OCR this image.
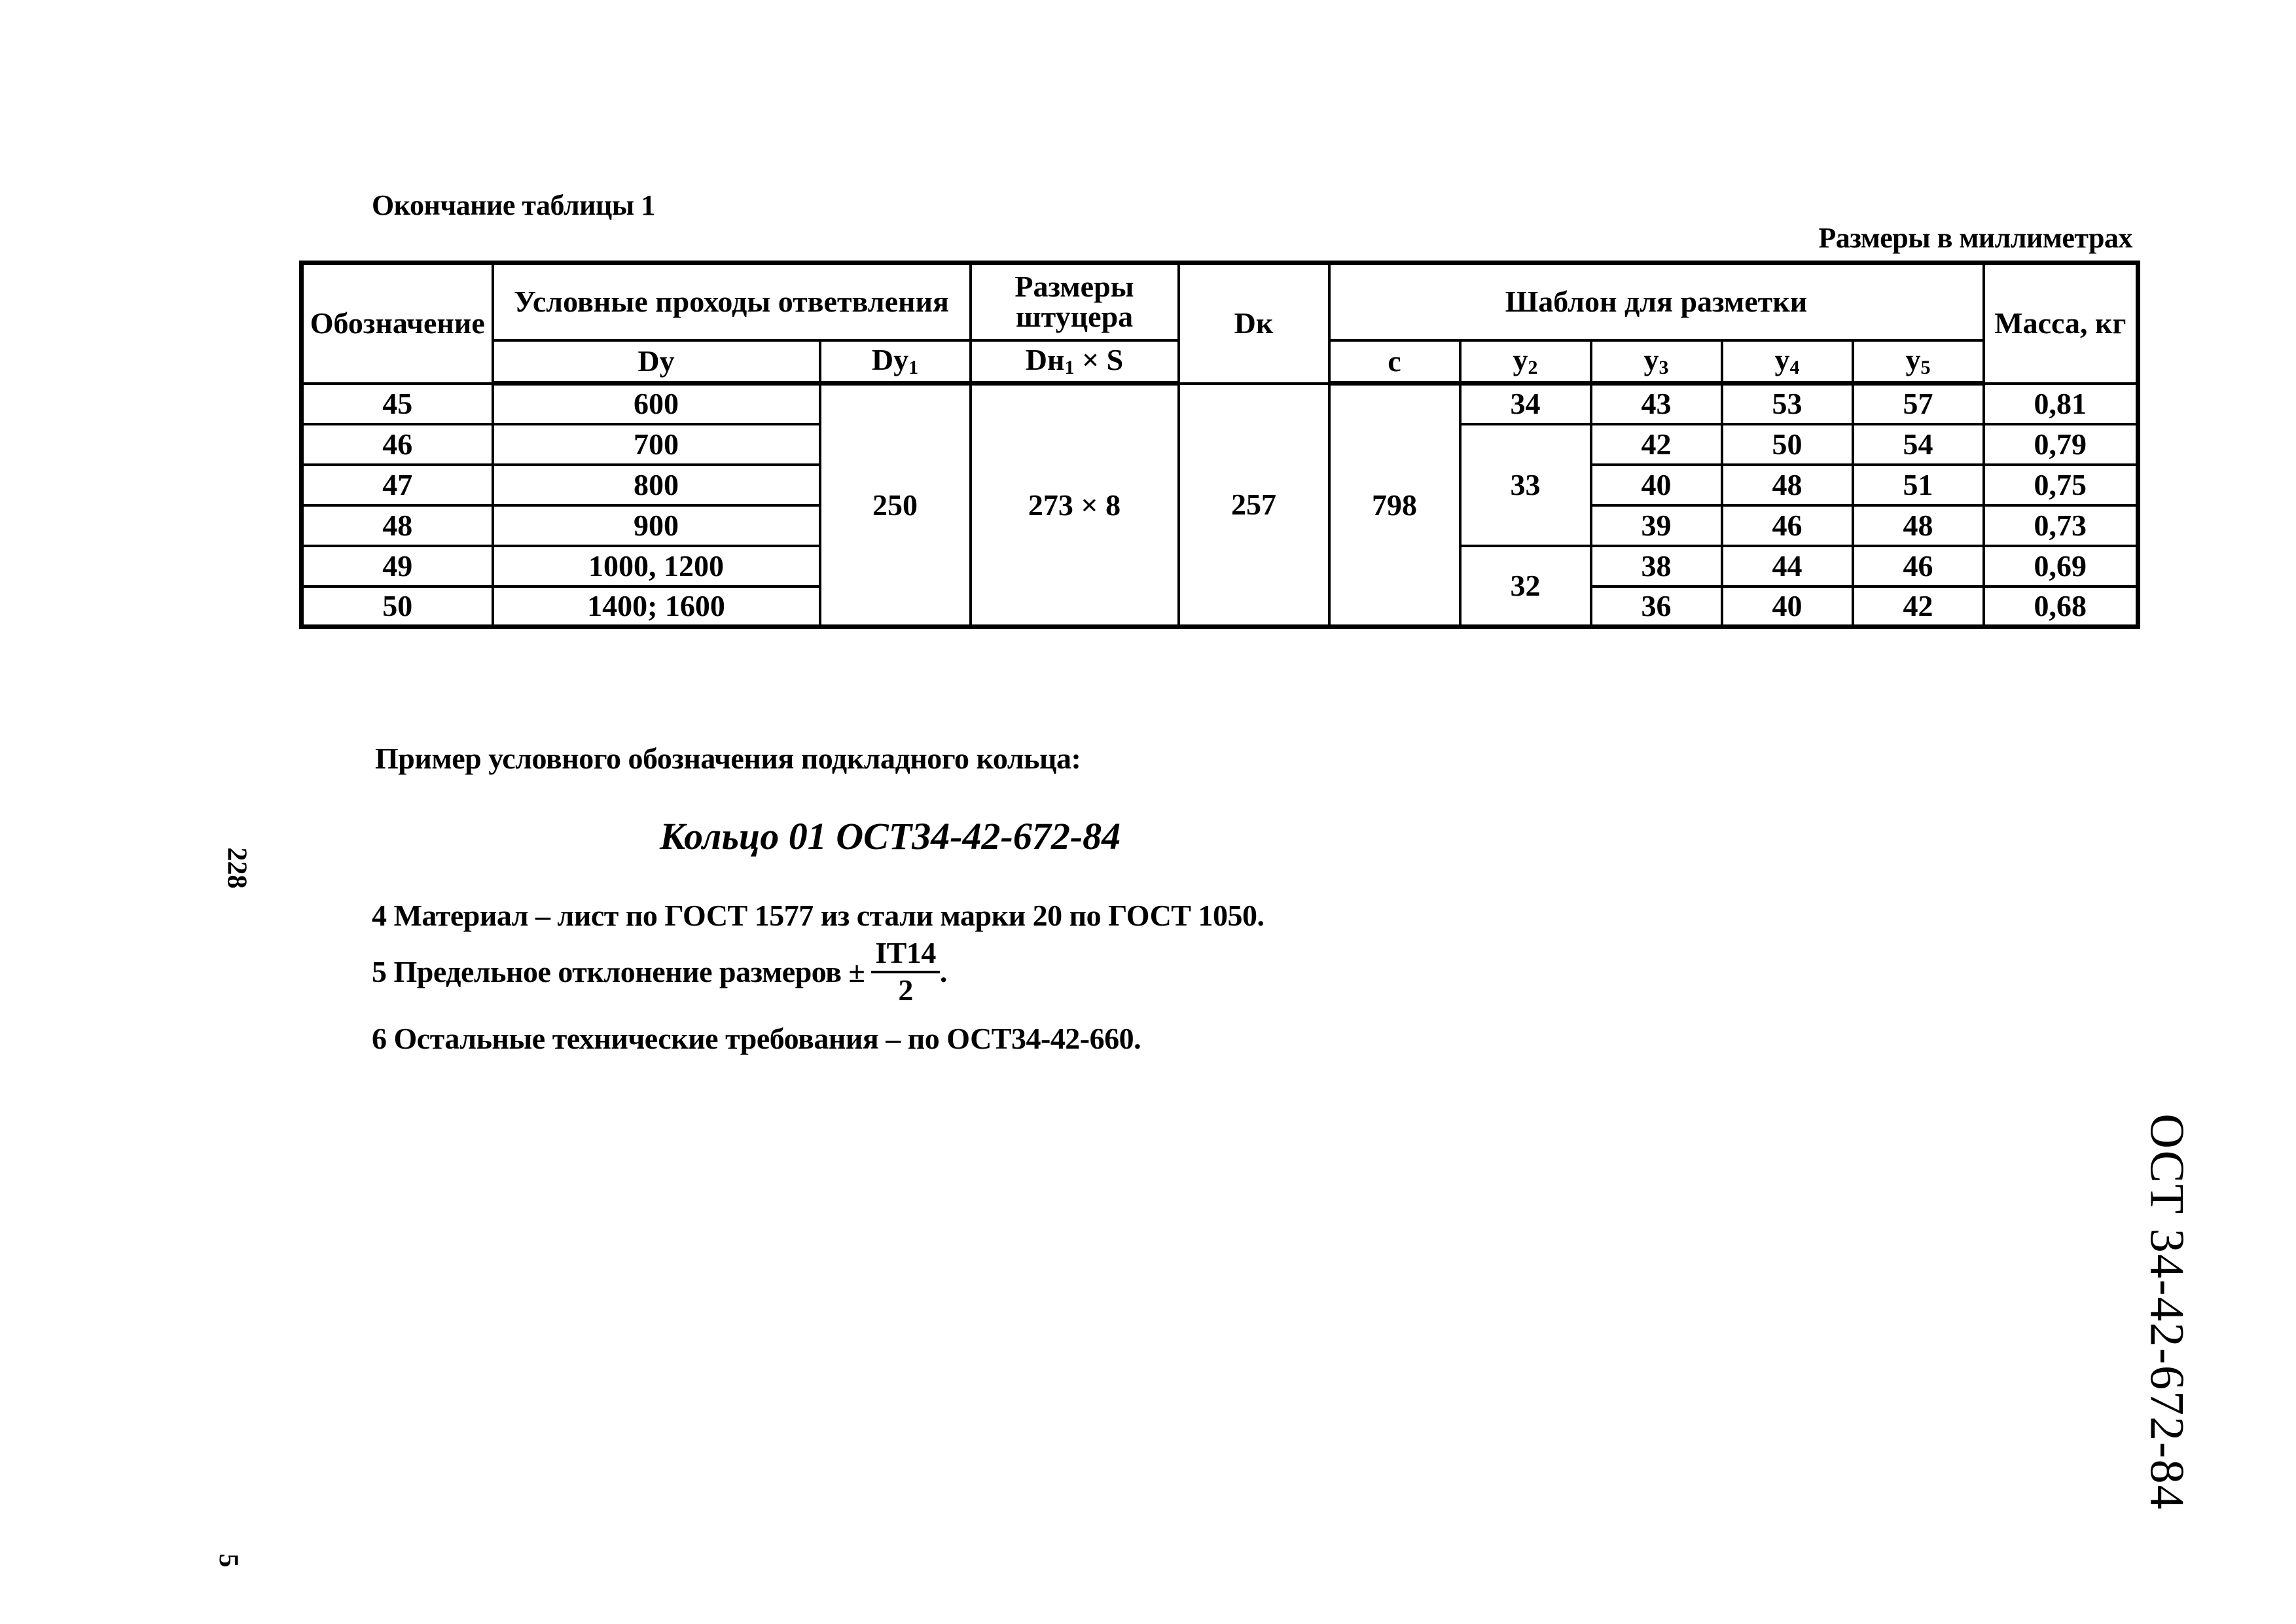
Окончание таблицы 1
Размеры в миллиметрах
Обозначение	Условные проходы ответвления		Размеры штуцера	Dк	Шаблон для разметки					Масса, кг
	Dy	$Dy_1$	$Dн_1 \times S$		с	$у_2$	$у_3$	$у_4$	$у_5$
45	600	250	273 × 8	257	798	34	43	53	57	0,81
46	700					33	42	50	54	0,79
47	800						40	48	51	0,75
48	900						39	46	48	0,73
49	1000, 1200					32	38	44	46	0,69
50	1400; 1600						36	40	42	0,68
Пример условного обозначения подкладного кольца:
Кольцо 01 ОСТ34-42-672-84
4 Материал – лист по ГОСТ 1577 из стали марки 20 по ГОСТ 1050.
5 Предельное отклонение размеров ± $\frac{IT14}{2}$ .
6 Остальные технические требования – по ОСТ34-42-660.
228
5
ОСТ 34-42-672-84
